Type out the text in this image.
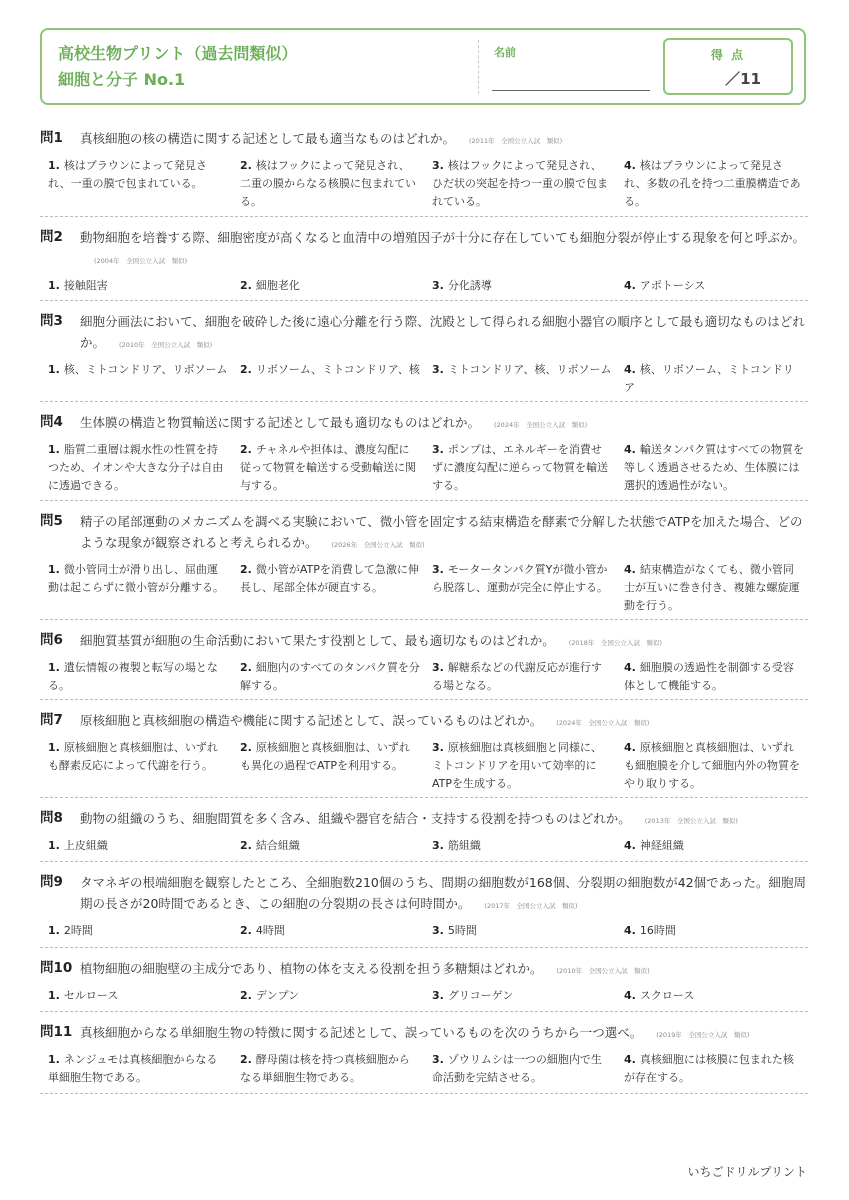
高校生物プリント（過去問類似）
細胞と分子 No.1
名前	得 点
／11
問1 真核細胞の核の構造に関する記述として最も適当なものはどれか。 (2011年　全国公立入試　類似)
1. 核はブラウンによって発見され、一重の膜で包まれている。
2. 核はフックによって発見され、二重の膜からなる核膜に包まれている。
3. 核はフックによって発見され、ひだ状の突起を持つ一重の膜で包まれている。
4. 核はブラウンによって発見され、多数の孔を持つ二重膜構造である。
問2 動物細胞を培養する際、細胞密度が高くなると血清中の増殖因子が十分に存在していても細胞分裂が停止する現象を何と呼ぶか。(2004年　全国公立入試　類似)
1. 接触阻害	2. 細胞老化	3. 分化誘導	4. アポトーシス
問3 細胞分画法において、細胞を破砕した後に遠心分離を行う際、沈殿として得られる細胞小器官の順序として最も適切なものはどれか。 (2010年　全国公立入試　類似)
1. 核、ミトコンドリア、リボソーム 2. リボソーム、ミトコンドリア、核 3. ミトコンドリア、核、リボソーム 4. 核、リボソーム、ミトコンドリア
問4 生体膜の構造と物質輸送に関する記述として最も適切なものはどれか。 (2024年　全国公立入試　類似)
1. 脂質二重層は親水性の性質を持つため、イオンや大きな分子は自由に透過できる。
2. チャネルや担体は、濃度勾配に従って物質を輸送する受動輸送に関与する。
3. ポンプは、エネルギーを消費せずに濃度勾配に逆らって物質を輸送する。
4. 輸送タンパク質はすべての物質を等しく透過させるため、生体膜には選択的透過性がない。
問5 精子の尾部運動のメカニズムを調べる実験において、微小管を固定する結束構造を酵素で分解した状態でATPを加えた場合、どのような現象が観察されると考えられるか。 (2026年　全国公立入試　類似)
1. 微小管同士が滑り出し、屈曲運動は起こらずに微小管が分離する。
2. 微小管がATPを消費して急激に伸長し、尾部全体が硬直する。
3. モータータンパク質Yが微小管から脱落し、運動が完全に停止する。
4. 結束構造がなくても、微小管同士が互いに巻き付き、複雑な螺旋運動を行う。
問6 細胞質基質が細胞の生命活動において果たす役割として、最も適切なものはどれか。 (2018年　全国公立入試　類似)
1. 遺伝情報の複製と転写の場となる。
2. 細胞内のすべてのタンパク質を分解する。
3. 解糖系などの代謝反応が進行する場となる。
4. 細胞膜の透過性を制御する受容体として機能する。
問7 原核細胞と真核細胞の構造や機能に関する記述として、誤っているものはどれか。 (2024年　全国公立入試　類似)
1. 原核細胞と真核細胞は、いずれも酵素反応によって代謝を行う。
2. 原核細胞と真核細胞は、いずれも異化の過程でATPを利用する。
3. 原核細胞は真核細胞と同様に、ミトコンドリアを用いて効率的にATPを生成する。
4. 原核細胞と真核細胞は、いずれも細胞膜を介して細胞内外の物質をやり取りする。
問8 動物の組織のうち、細胞間質を多く含み、組織や器官を結合・支持する役割を持つものはどれか。 (2013年　全国公立入試　類似)
1. 上皮組織	2. 結合組織	3. 筋組織	4. 神経組織
問9 タマネギの根端細胞を観察したところ、全細胞数210個のうち、間期の細胞数が168個、分裂期の細胞数が42個であった。細胞周期の長さが20時間であるとき、この細胞の分裂期の長さは何時間か。 (2017年　全国公立入試　類似)
1. 2時間	2. 4時間	3. 5時間	4. 16時間
問10 植物細胞の細胞壁の主成分であり、植物の体を支える役割を担う多糖類はどれか。 (2010年　全国公立入試　類似)
1. セルロース	2. デンプン	3. グリコーゲン	4. スクロース
問11 真核細胞からなる単細胞生物の特徴に関する記述として、誤っているものを次のうちから一つ選べ。 (2019年　全国公立入試　類似)
1. ネンジュモは真核細胞からなる単細胞生物である。
2. 酵母菌は核を持つ真核細胞からなる単細胞生物である。
3. ゾウリムシは一つの細胞内で生命活動を完結させる。
4. 真核細胞には核膜に包まれた核が存在する。
いちごドリルプリント
